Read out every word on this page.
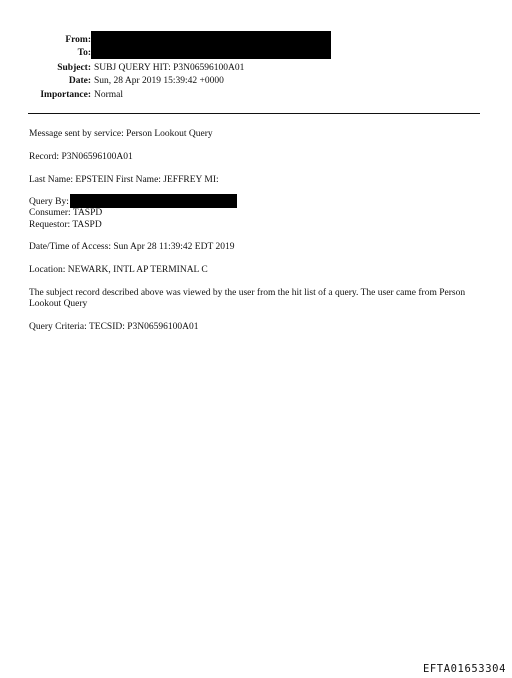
From:
To:
Subject: SUBJ QUERY HIT: P3N06596100A01
Date: Sun, 28 Apr 2019 15:39:42 +0000
Importance: Normal
Message sent by service: Person Lookout Query
Record: P3N06596100A01
Last Name: EPSTEIN First Name: JEFFREY MI:
Query By:
Consumer: TASPD
Requestor: TASPD
Date/Time of Access: Sun Apr 28 11:39:42 EDT 2019
Location: NEWARK, INTL AP TERMINAL C
The subject record described above was viewed by the user from the hit list of a query. The user came from Person Lookout Query
Query Criteria: TECSID: P3N06596100A01
EFTA01653304
